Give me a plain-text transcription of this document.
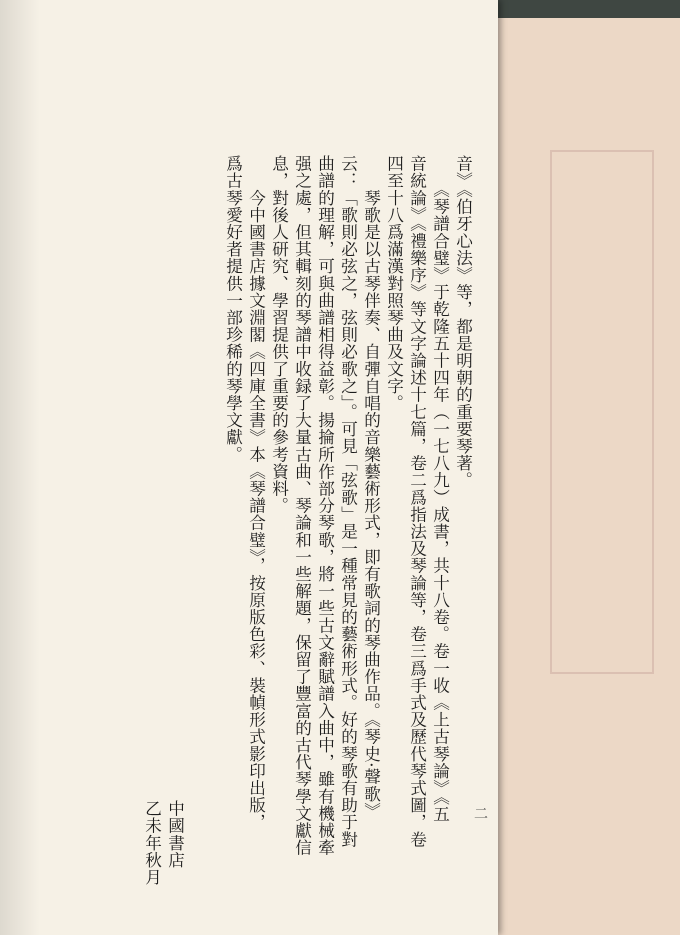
音》《伯牙心法》等，都是明朝的重要琴著。
　　《琴譜合璧》于乾隆五十四年（一七八九）成書，共十八卷。卷一收《上古琴論》《五
音統論》《禮樂序》等文字論述十七篇，卷二爲指法及琴論等，卷三爲手式及歷代琴式圖，卷
四至十八爲滿漢對照琴曲及文字。
　　琴歌是以古琴伴奏、自彈自唱的音樂藝術形式，即有歌詞的琴曲作品。《琴史·聲歌》
云：「歌則必弦之，弦則必歌之」。可見「弦歌」是一種常見的藝術形式。好的琴歌有助于對
曲譜的理解，可與曲譜相得益彰。揚掄所作部分琴歌，將一些古文辭賦譜入曲中，雖有機械牽
强之處，但其輯刻的琴譜中收録了大量古曲、琴論和一些解題，保留了豐富的古代琴學文獻信
息，對後人研究、學習提供了重要的參考資料。
　　今中國書店據文淵閣《四庫全書》本《琴譜合璧》，按原版色彩、裝幀形式影印出版，
爲古琴愛好者提供一部珍稀的琴學文獻。
中國書店
乙未年秋月	二
